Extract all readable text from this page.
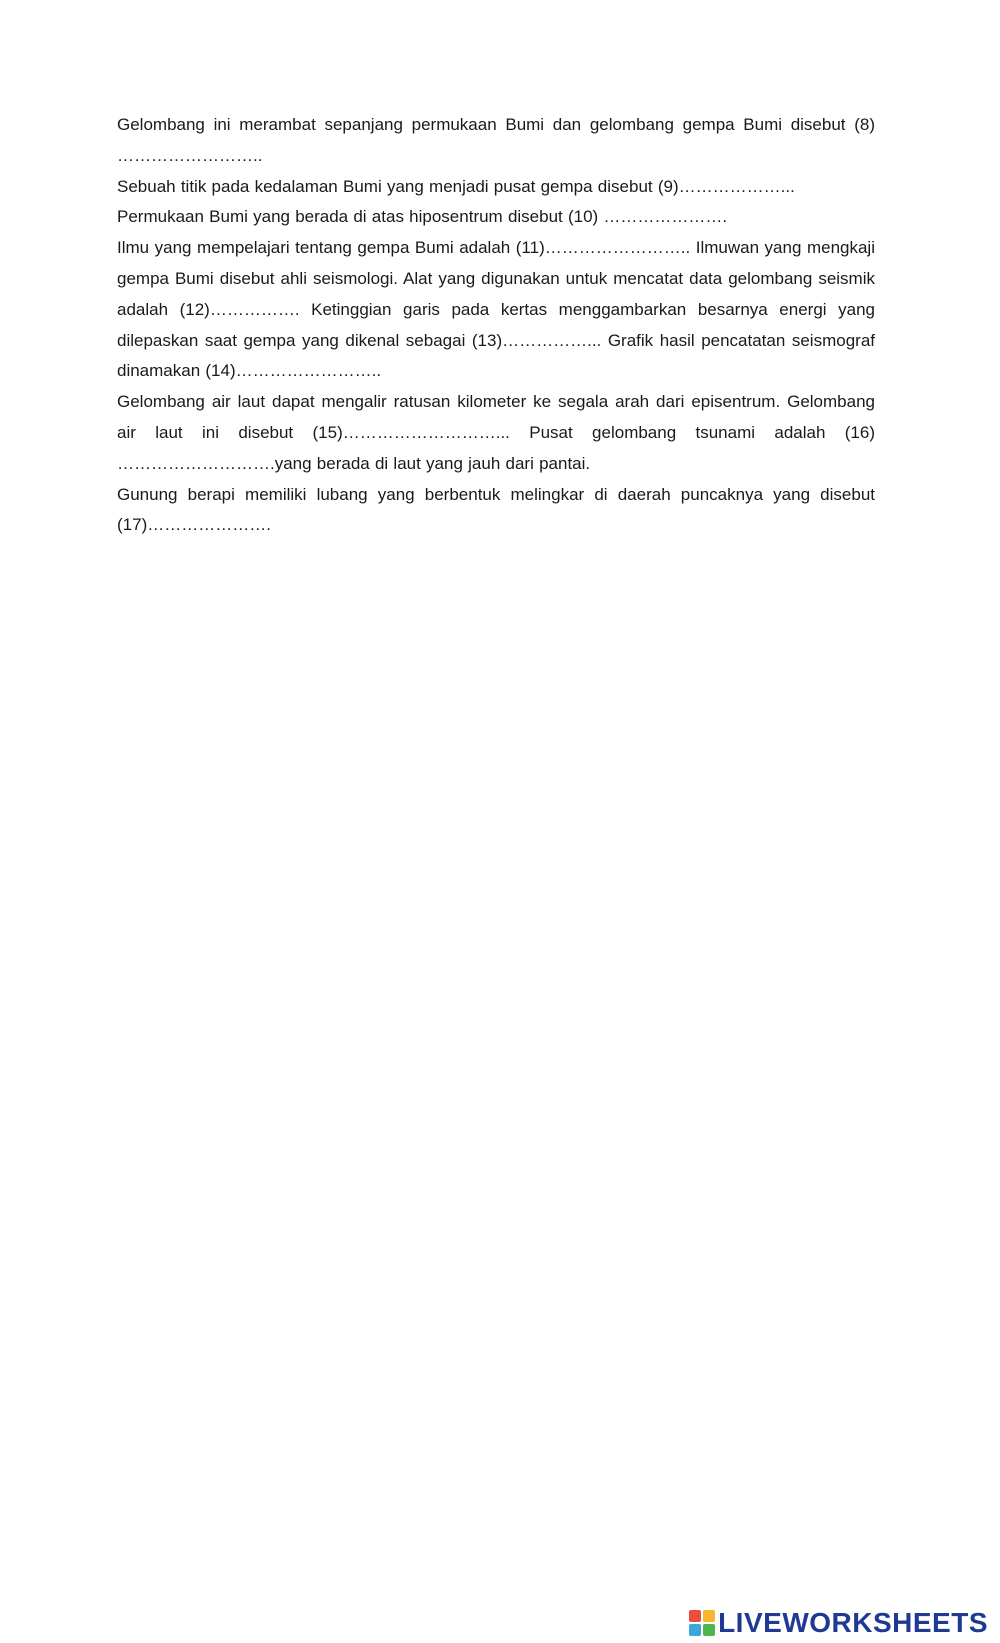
Gelombang ini merambat sepanjang permukaan Bumi dan gelombang gempa Bumi disebut (8) ……………………..

Sebuah titik pada kedalaman Bumi yang menjadi pusat gempa disebut (9)………………...

Permukaan Bumi yang berada di atas hiposentrum disebut (10) ………………….

Ilmu yang mempelajari tentang gempa Bumi adalah (11)…………………….. Ilmuwan yang mengkaji gempa Bumi disebut ahli seismologi. Alat yang digunakan untuk mencatat data gelombang seismik adalah (12)……………. Ketinggian garis pada kertas menggambarkan besarnya energi yang dilepaskan saat gempa yang dikenal sebagai (13)……………... Grafik hasil pencatatan seismograf dinamakan (14)……………………..

Gelombang air laut dapat mengalir ratusan kilometer ke segala arah dari episentrum. Gelombang air laut ini disebut (15)………………………... Pusat gelombang tsunami adalah (16) ……………………….yang berada di laut yang jauh dari pantai.

Gunung berapi memiliki lubang yang berbentuk melingkar di daerah puncaknya yang disebut (17)………………….

LIVEWORKSHEETS
